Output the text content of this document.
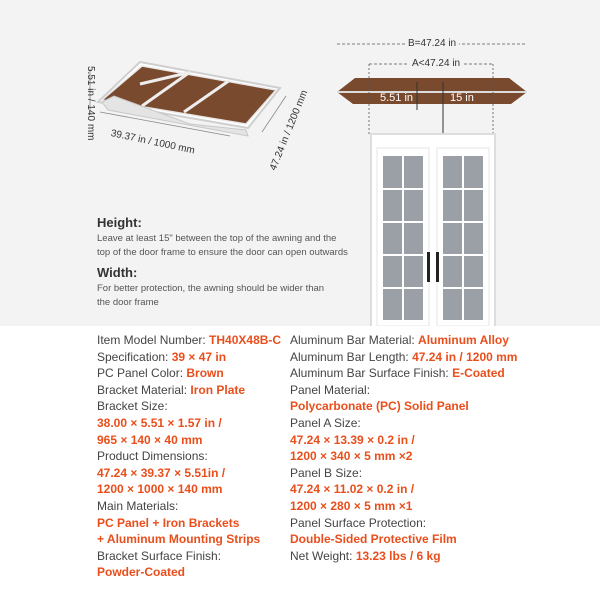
5.51 in / 140 mm
39.37 in / 1000 mm	47.24 in / 1200 mm
B=47.24 in
A<47.24 in
5.51 in	15 in
Height:
Leave at least 15" between the top of the awning and the
top of the door frame to ensure the door can open outwards
Width:
For better protection, the awning should be wider than
the door frame
Item Model Number: TH40X48B-C
Specification: 39 × 47 in
PC Panel Color: Brown
Bracket Material: Iron Plate
Bracket Size:
38.00 × 5.51 × 1.57 in /
965 × 140 × 40 mm
Product Dimensions:
47.24 × 39.37 × 5.51in /
1200 × 1000 × 140 mm
Main Materials:
PC Panel + Iron Brackets
+ Aluminum Mounting Strips
Bracket Surface Finish:
Powder-Coated
Aluminum Bar Material: Aluminum Alloy
Aluminum Bar Length: 47.24 in / 1200 mm
Aluminum Bar Surface Finish: E-Coated
Panel Material:
Polycarbonate (PC) Solid Panel
Panel A Size:
47.24 × 13.39 × 0.2 in /
1200 × 340 × 5 mm ×2
Panel B Size:
47.24 × 11.02 × 0.2 in /
1200 × 280 × 5 mm ×1
Panel Surface Protection:
Double-Sided Protective Film
Net Weight: 13.23 lbs / 6 kg
